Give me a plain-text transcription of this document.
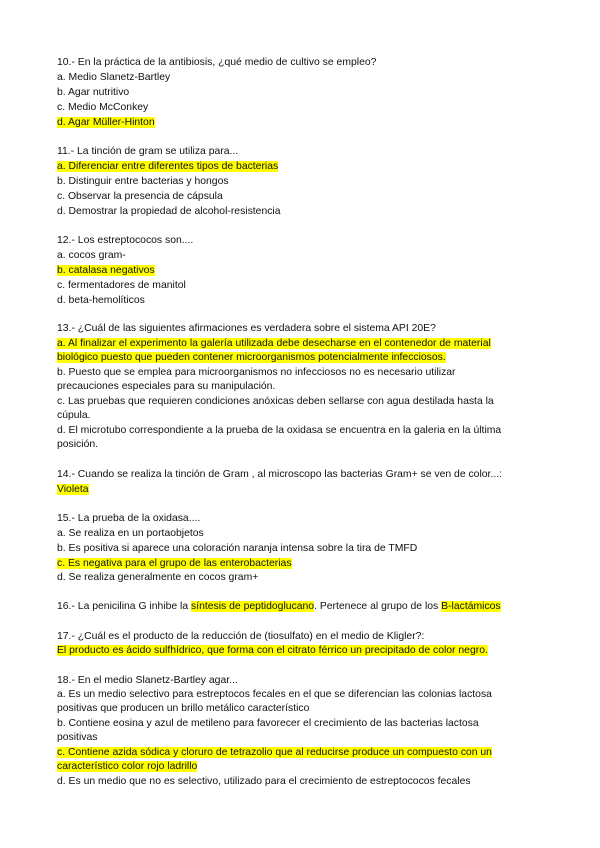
10.- En la práctica de la antibiosis, ¿qué medio de cultivo se empleo?
a. Medio Slanetz-Bartley
b. Agar nutritivo
c. Medio McConkey
d. Agar Müller-Hinton
11.- La tinción de gram se utiliza para...
a. Diferenciar entre diferentes tipos de bacterias
b. Distinguir entre bacterias y hongos
c. Observar la presencia de cápsula
d. Demostrar la propiedad de alcohol-resistencia
12.- Los estreptococos son....
a. cocos gram-
b. catalasa negativos
c. fermentadores de manitol
d. beta-hemolíticos
13.- ¿Cuál de las siguientes afirmaciones es verdadera sobre el sistema API 20E?
a. Al finalizar el experimento la galería utilizada debe desecharse en el contenedor de material
biológico puesto que pueden contener microorganismos potencialmente infecciosos.
b. Puesto que se emplea para microorganismos no infecciosos no es necesario utilizar
precauciones especiales para su manipulación.
c. Las pruebas que requieren condiciones anóxicas deben sellarse con agua destilada hasta la
cúpula.
d. El microtubo correspondiente a la prueba de la oxidasa se encuentra en la galeria en la última
posición.
14.- Cuando se realiza la tinción de Gram , al microscopo las bacterias Gram+ se ven de color...:
Violeta
15.- La prueba de la oxidasa....
a. Se realiza en un portaobjetos
b. Es positiva si aparece una coloración naranja intensa sobre la tira de TMFD
c. Es negativa para el grupo de las enterobacterias
d. Se realiza generalmente en cocos gram+
16.- La penicilina G inhibe la síntesis de peptidoglucano. Pertenece al grupo de los B-lactámicos
17.- ¿Cuál es el producto de la reducción de (tiosulfato) en el medio de Kligler?:
El producto es ácido sulfhídrico, que forma con el citrato férrico un precipitado de color negro.
18.- En el medio Slanetz-Bartley agar...
a. Es un medio selectivo para estreptocos fecales en el que se diferencian las colonias lactosa
positivas que producen un brillo metálico característico
b. Contiene eosina y azul de metileno para favorecer el crecimiento de las bacterias lactosa
positivas
c. Contiene azida sódica y cloruro de tetrazolio que al reducirse produce un compuesto con un
característico color rojo ladrillo
d. Es un medio que no es selectivo, utilizado para el crecimiento de estreptococos fecales
